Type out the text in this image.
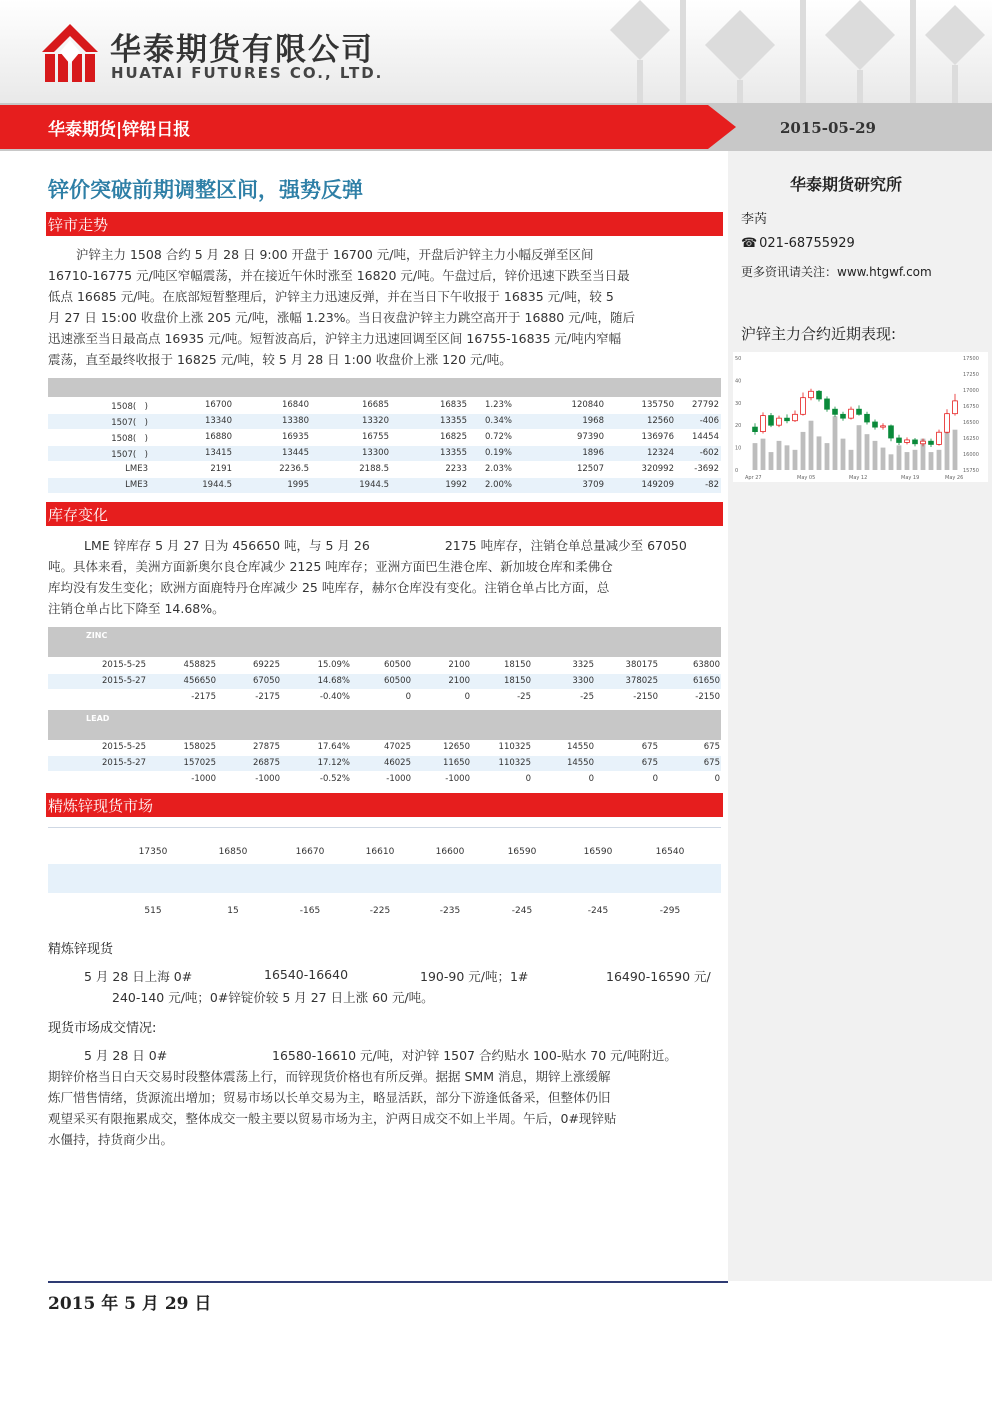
华泰期货有限公司
HUATAI FUTURES CO., LTD.
华泰期货|锌铅日报	2015-05-29
华泰期货研究所
李芮
☎ 021-68755929
更多资讯请关注：www.htgwf.com
沪锌主力合约近期表现:
50
40
30
20
10
0
17500
17250
17000
16750
16500
16250
16000
15750
Apr 27	May 05	May 12	May 19	May 26
锌价突破前期调整区间，强势反弹
锌市走势
沪锌主力 1508 合约 5 月 28 日 9:00 开盘于 16700 元/吨，开盘后沪锌主力小幅反弹至区间
16710-16775 元/吨区窄幅震荡，并在接近午休时涨至 16820 元/吨。午盘过后，锌价迅速下跌至当日最
低点 16685 元/吨。在底部短暂整理后，沪锌主力迅速反弹，并在当日下午收报于 16835 元/吨，较 5
月 27 日 15:00 收盘价上涨 205 元/吨，涨幅 1.23%。当日夜盘沪锌主力跳空高开于 16880 元/吨，随后
迅速涨至当日最高点 16935 元/吨。短暂波高后，沪锌主力迅速回调至区间 16755-16835 元/吨内窄幅
震荡，直至最终收报于 16825 元/吨，较 5 月 28 日 1:00 收盘价上涨 120 元/吨。
1508(　)	16700	16840	16685	16835	1.23%	120840	135750	27792
1507(　)	13340	13380	13320	13355	0.34%	1968	12560	-406
1508(　)	16880	16935	16755	16825	0.72%	97390	136976	14454
1507(　)	13415	13445	13300	13355	0.19%	1896	12324	-602
LME3	2191	2236.5	2188.5	2233	2.03%	12507	320992	-3692
LME3	1944.5	1995	1944.5	1992	2.00%	3709	149209	-82
库存变化
LME 锌库存 5 月 27 日为 456650 吨，与 5 月 26　　　　　　2175 吨库存，注销仓单总量减少至 67050
吨。具体来看，美洲方面新奥尔良仓库减少 2125 吨库存；亚洲方面巴生港仓库、新加坡仓库和柔佛仓
库均没有发生变化；欧洲方面鹿特丹仓库减少 25 吨库存，赫尔仓库没有变化。注销仓单占比方面，总
注销仓单占比下降至 14.68%。
ZINC
2015-5-25	458825	69225	15.09%	60500	2100	18150	3325	380175	63800
2015-5-27	456650	67050	14.68%	60500	2100	18150	3300	378025	61650
-2175	-2175	-0.40%	0	0	-25	-25	-2150	-2150
LEAD
2015-5-25	158025	27875	17.64%	47025	12650	110325	14550	675	675
2015-5-27	157025	26875	17.12%	46025	11650	110325	14550	675	675
-1000	-1000	-0.52%	-1000	-1000	0	0	0	0
精炼锌现货市场
17350	16850	16670	16610	16600	16590	16590	16540
515	15	-165	-225	-235	-245	-245	-295
精炼锌现货
5 月 28 日上海 0#	16540-16640	190-90 元/吨；1#	16490-16590 元/
240-140 元/吨；0#锌锭价较 5 月 27 日上涨 60 元/吨。
现货市场成交情况:
5 月 28 日 0#	16580-16610 元/吨，对沪锌 1507 合约贴水 100-贴水 70 元/吨附近。
期锌价格当日白天交易时段整体震荡上行，而锌现货价格也有所反弹。据据 SMM 消息，期锌上涨缓解
炼厂惜售情绪，货源流出增加；贸易市场以长单交易为主，略显活跃，部分下游逢低备采，但整体仍旧
观望采买有限拖累成交，整体成交一般主要以贸易市场为主，沪两日成交不如上半周。午后，0#现锌贴
水僵持，持货商少出。
2015 年 5 月 29 日
